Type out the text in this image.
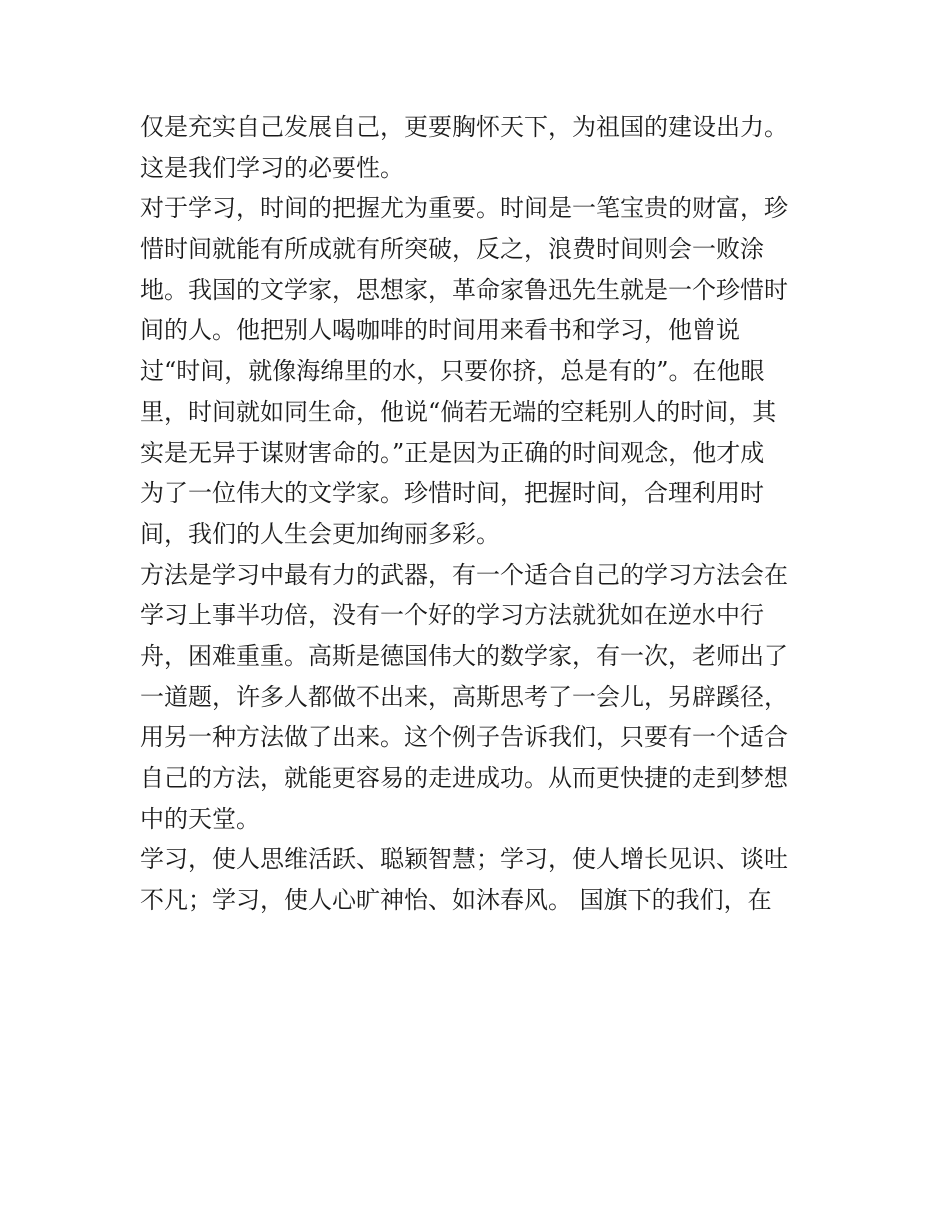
仅是充实自己发展自己，更要胸怀天下，为祖国的建设出力。
这是我们学习的必要性。
对于学习，时间的把握尤为重要。时间是一笔宝贵的财富，珍
惜时间就能有所成就有所突破，反之，浪费时间则会一败涂
地。我国的文学家，思想家，革命家鲁迅先生就是一个珍惜时
间的人。他把别人喝咖啡的时间用来看书和学习，他曾说
过“时间，就像海绵里的水，只要你挤，总是有的”。在他眼
里，时间就如同生命，他说“倘若无端的空耗别人的时间，其
实是无异于谋财害命的。”正是因为正确的时间观念，他才成
为了一位伟大的文学家。珍惜时间，把握时间，合理利用时
间，我们的人生会更加绚丽多彩。
方法是学习中最有力的武器，有一个适合自己的学习方法会在
学习上事半功倍，没有一个好的学习方法就犹如在逆水中行
舟，困难重重。高斯是德国伟大的数学家，有一次，老师出了
一道题，许多人都做不出来，高斯思考了一会儿，另辟蹊径，
用另一种方法做了出来。这个例子告诉我们，只要有一个适合
自己的方法，就能更容易的走进成功。从而更快捷的走到梦想
中的天堂。
学习，使人思维活跃、聪颖智慧；学习，使人增长见识、谈吐
不凡；学习，使人心旷神怡、如沐春风。 国旗下的我们，在
